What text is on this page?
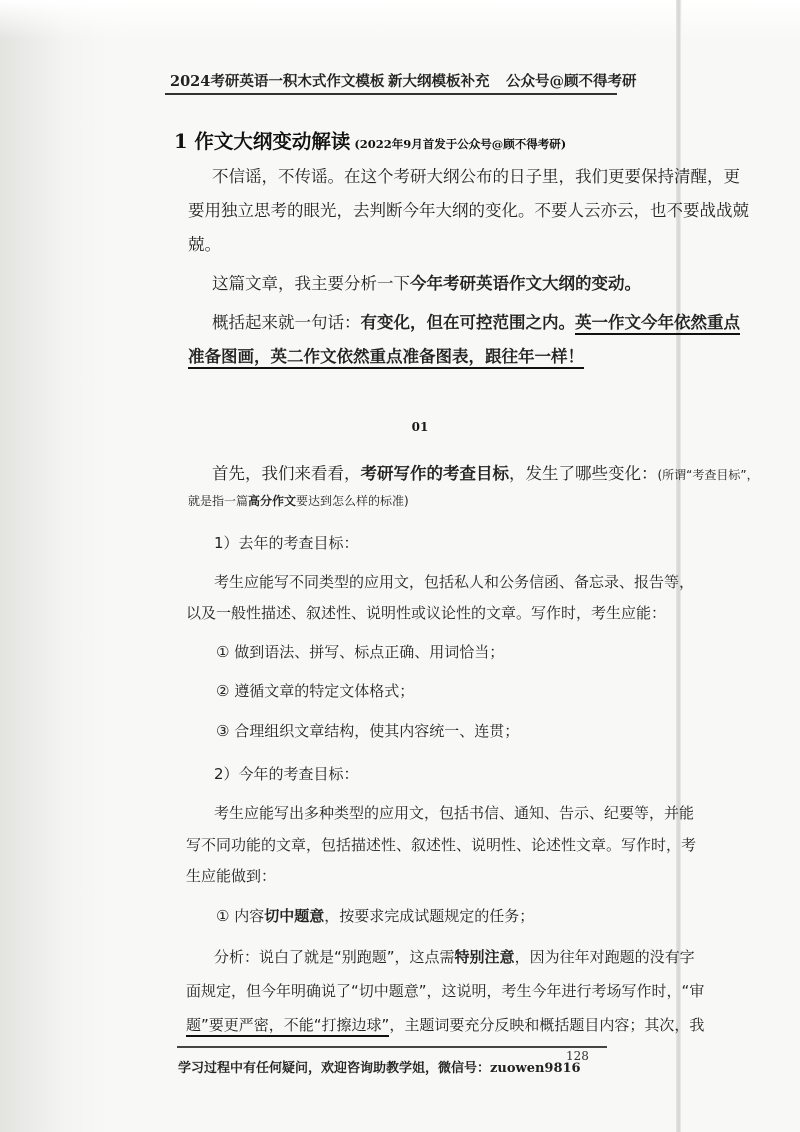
2024考研英语一积木式作文模板 新大纲模板补充 公众号@顾不得考研
1 作文大纲变动解读 (2022年9月首发于公众号@顾不得考研)
不信谣，不传谣。在这个考研大纲公布的日子里，我们更要保持清醒，更
要用独立思考的眼光，去判断今年大纲的变化。不要人云亦云，也不要战战兢
兢。
这篇文章，我主要分析一下今年考研英语作文大纲的变动。
概括起来就一句话：有变化，但在可控范围之内。英一作文今年依然重点
准备图画，英二作文依然重点准备图表，跟往年一样！
01
首先，我们来看看，考研写作的考查目标，发生了哪些变化：(所谓“考查目标”，
就是指一篇高分作文要达到怎么样的标准)
1）去年的考查目标：
考生应能写不同类型的应用文，包括私人和公务信函、备忘录、报告等，
以及一般性描述、叙述性、说明性或议论性的文章。写作时，考生应能：
① 做到语法、拼写、标点正确、用词恰当；
② 遵循文章的特定文体格式；
③ 合理组织文章结构，使其内容统一、连贯；
2）今年的考查目标：
考生应能写出多种类型的应用文，包括书信、通知、告示、纪要等，并能
写不同功能的文章，包括描述性、叙述性、说明性、论述性文章。写作时，考
生应能做到：
① 内容切中题意，按要求完成试题规定的任务；
分析：说白了就是“别跑题”，这点需特别注意，因为往年对跑题的没有字
面规定，但今年明确说了“切中题意”，这说明，考生今年进行考场写作时，“审
题”要更严密，不能“打擦边球”，主题词要充分反映和概括题目内容；其次，我
学习过程中有任何疑问，欢迎咨询助教学姐，微信号：zuowen9816
128
